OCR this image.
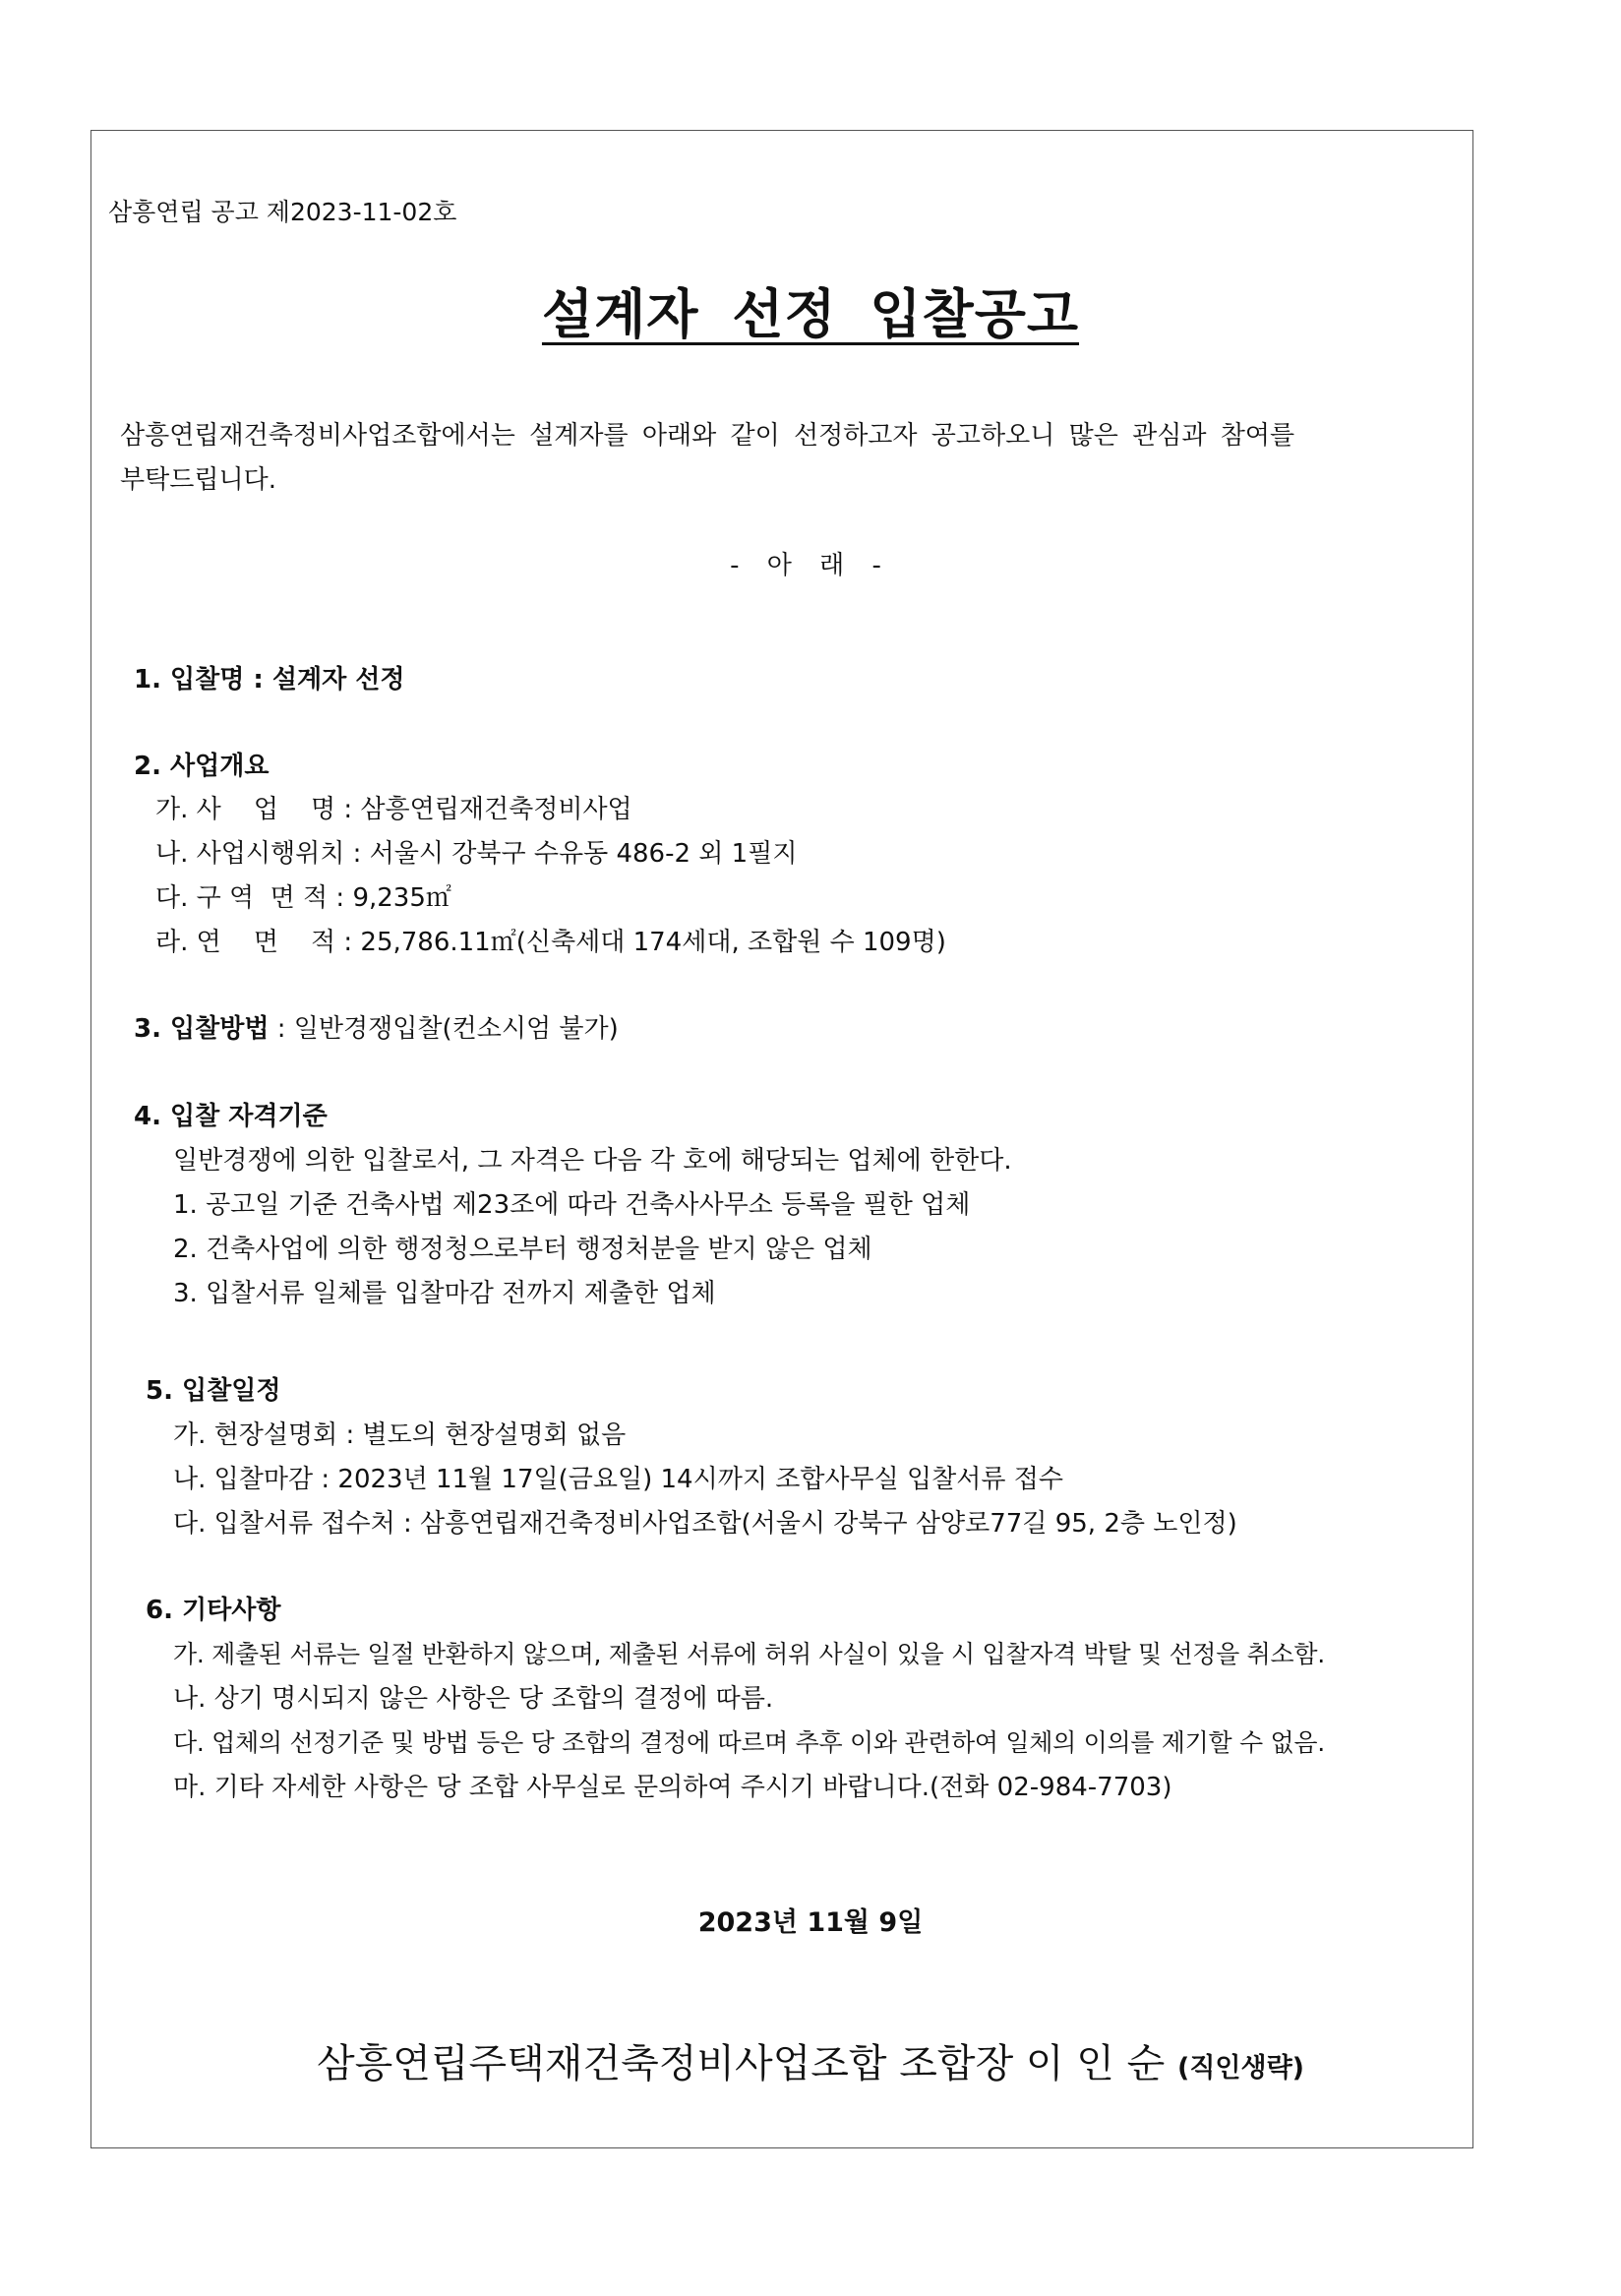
삼흥연립 공고 제2023-11-02호
설계자 선정 입찰공고
삼흥연립재건축정비사업조합에서는 설계자를 아래와 같이 선정하고자 공고하오니 많은 관심과 참여를
부탁드립니다.
- 아 래 -
1. 입찰명 : 설계자 선정
2. 사업개요
가. 사    업    명 : 삼흥연립재건축정비사업
나. 사업시행위치 : 서울시 강북구 수유동 486-2 외 1필지
다. 구 역  면 적 : 9,235㎡
라. 연    면    적 : 25,786.11㎡(신축세대 174세대, 조합원 수 109명)
3. 입찰방법 : 일반경쟁입찰(컨소시엄 불가)
4. 입찰 자격기준
일반경쟁에 의한 입찰로서, 그 자격은 다음 각 호에 해당되는 업체에 한한다.
1. 공고일 기준 건축사법 제23조에 따라 건축사사무소 등록을 필한 업체
2. 건축사업에 의한 행정청으로부터 행정처분을 받지 않은 업체
3. 입찰서류 일체를 입찰마감 전까지 제출한 업체
5. 입찰일정
가. 현장설명회 : 별도의 현장설명회 없음
나. 입찰마감 : 2023년 11월 17일(금요일) 14시까지 조합사무실 입찰서류 접수
다. 입찰서류 접수처 : 삼흥연립재건축정비사업조합(서울시 강북구 삼양로77길 95, 2층 노인정)
6. 기타사항
가. 제출된 서류는 일절 반환하지 않으며, 제출된 서류에 허위 사실이 있을 시 입찰자격 박탈 및 선정을 취소함.
나. 상기 명시되지 않은 사항은 당 조합의 결정에 따름.
다. 업체의 선정기준 및 방법 등은 당 조합의 결정에 따르며 추후 이와 관련하여 일체의 이의를 제기할 수 없음.
마. 기타 자세한 사항은 당 조합 사무실로 문의하여 주시기 바랍니다.(전화 02-984-7703)
2023년 11월 9일
삼흥연립주택재건축정비사업조합 조합장 이 인 순 (직인생략)
